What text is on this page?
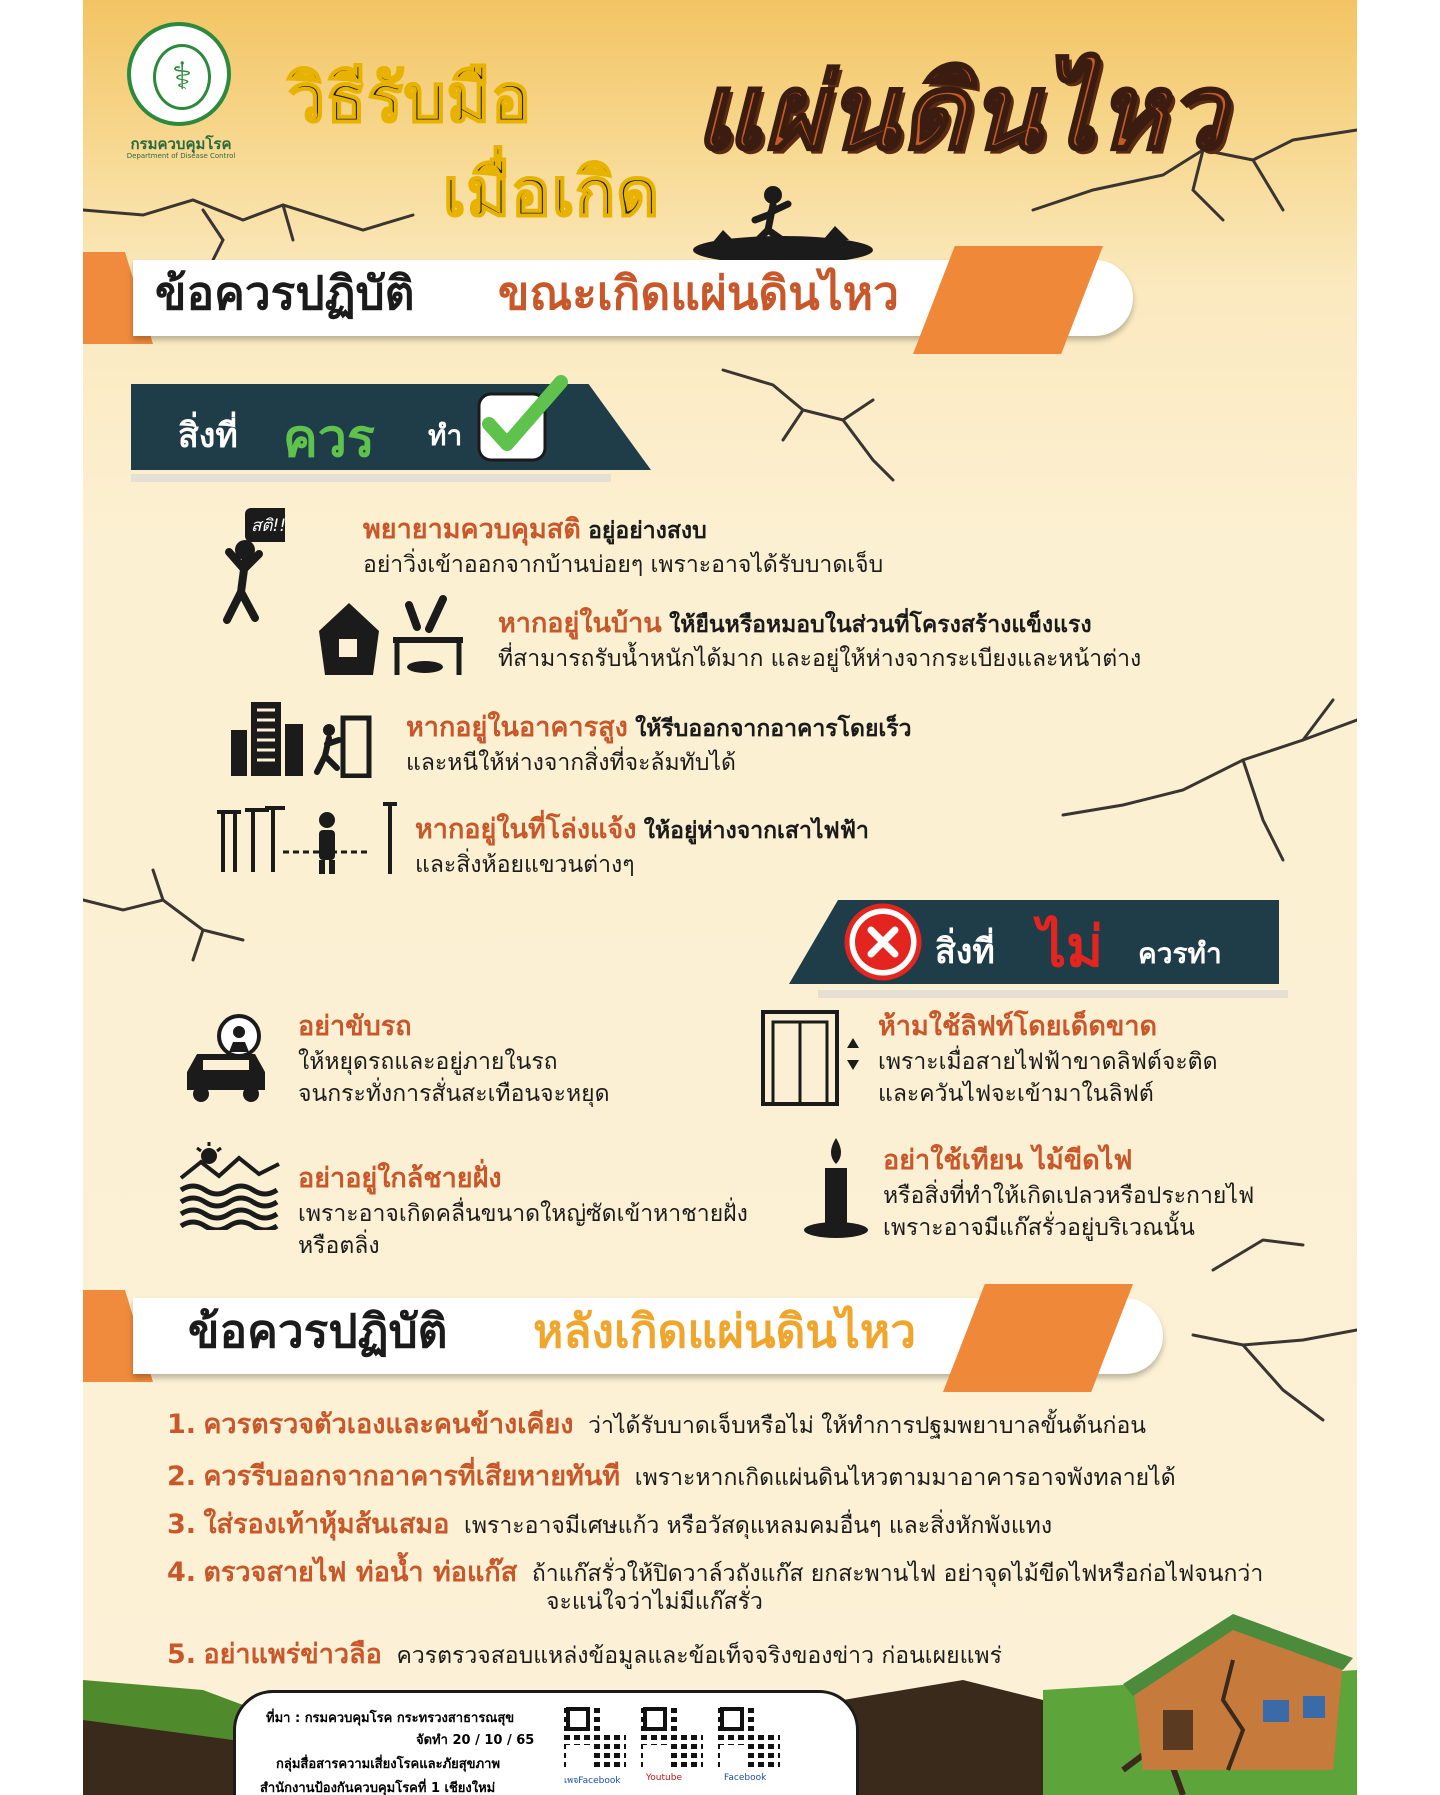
⚕
กรมควบคุมโรค
Department of Disease Control
วิธีรับมือ
เมื่อเกิด
แผ่นดินไหว
ข้อควรปฏิบัติ ขณะเกิดแผ่นดินไหว
สิ่งที่ ควร ทำ
สติ!!	พยายามควบคุมสติ อยู่อย่างสงบ
อย่าวิ่งเข้าออกจากบ้านบ่อยๆ เพราะอาจได้รับบาดเจ็บ
หากอยู่ในบ้าน ให้ยืนหรือหมอบในส่วนที่โครงสร้างแข็งแรง
ที่สามารถรับน้ำหนักได้มาก และอยู่ให้ห่างจากระเบียงและหน้าต่าง
หากอยู่ในอาคารสูง ให้รีบออกจากอาคารโดยเร็ว
และหนีให้ห่างจากสิ่งที่จะล้มทับได้
หากอยู่ในที่โล่งแจ้ง ให้อยู่ห่างจากเสาไฟฟ้า
และสิ่งห้อยแขวนต่างๆ
สิ่งที่ ไม่ ควรทำ
อย่าขับรถ
ให้หยุดรถและอยู่ภายในรถ
จนกระทั่งการสั่นสะเทือนจะหยุด
ห้ามใช้ลิฟท์โดยเด็ดขาด
เพราะเมื่อสายไฟฟ้าขาดลิฟต์จะติด
และควันไฟจะเข้ามาในลิฟต์
อย่าอยู่ใกล้ชายฝั่ง
เพราะอาจเกิดคลื่นขนาดใหญ่ซัดเข้าหาชายฝั่ง
หรือตลิ่ง
อย่าใช้เทียน ไม้ขีดไฟ
หรือสิ่งที่ทำให้เกิดเปลวหรือประกายไฟ
เพราะอาจมีแก๊สรั่วอยู่บริเวณนั้น
ข้อควรปฏิบัติ หลังเกิดแผ่นดินไหว
1. ควรตรวจตัวเองและคนข้างเคียง ว่าได้รับบาดเจ็บหรือไม่ ให้ทำการปฐมพยาบาลขั้นต้นก่อน
2. ควรรีบออกจากอาคารที่เสียหายทันที เพราะหากเกิดแผ่นดินไหวตามมาอาคารอาจพังทลายได้
3. ใส่รองเท้าหุ้มส้นเสมอ เพราะอาจมีเศษแก้ว หรือวัสดุแหลมคมอื่นๆ และสิ่งหักพังแทง
4. ตรวจสายไฟ ท่อน้ำ ท่อแก๊ส ถ้าแก๊สรั่วให้ปิดวาล์วถังแก๊ส ยกสะพานไฟ อย่าจุดไม้ขีดไฟหรือก่อไฟจนกว่า
จะแน่ใจว่าไม่มีแก๊สรั่ว
5. อย่าแพร่ข่าวลือ ควรตรวจสอบแหล่งข้อมูลและข้อเท็จจริงของข่าว ก่อนเผยแพร่
ที่มา : กรมควบคุมโรค กระทรวงสาธารณสุข
จัดทำ 20 / 10 / 65
กลุ่มสื่อสารความเสี่ยงโรคและภัยสุขภาพ
สำนักงานป้องกันควบคุมโรคที่ 1 เชียงใหม่	เพจFacebook	Youtube	Facebook
